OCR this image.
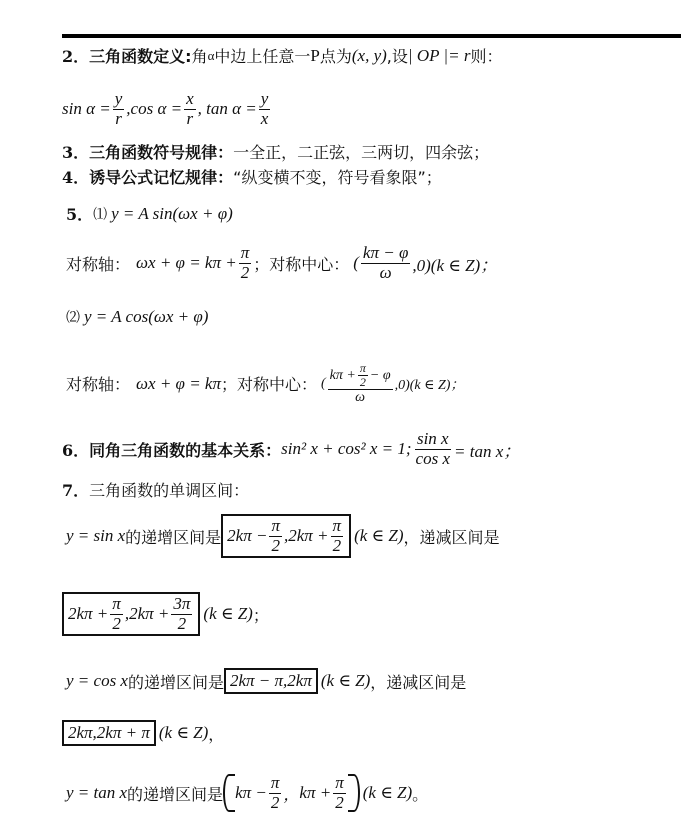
2． 三角函数定义: 角 α 中边上任意一 P 点为 (x, y) ,设 | OP |= r 则：
$\sin \alpha = \frac{y}{r} ,\cos$ $\alpha = \frac{x}{r}$ , $\tan \alpha = \frac{y}{x}$
3． 三角函数符号规律： 一全正，二正弦，三两切，四余弦；
4． 诱导公式记忆规律： “纵变横不变，符号看象限”；
5． ⑴ y = A sin(ωx + φ)
对称轴： $\omega x + \varphi = k\pi + \frac{\pi}{2}$ ；对称中心： ( $\frac{k\pi - \varphi}{\omega} ,0)(k$ ∈ Z)；
⑵ y = A cos(ωx + φ)
对称轴： ωx + φ = kπ ；对称中心： ( $\frac{k\pi + \frac{\pi}{2} - \varphi}{\omega} ,0)(k$ ∈ Z)；
6． 同角三角函数的基本关系： sin² x + cos² x = 1; $\frac{\text{sin x}}{\text{cos x}} = \tan x$；
7． 三角函数的单调区间：
y = sin x 的递增区间是 $2k\pi - \frac{\pi}{2}$ , $2k\pi + \frac{\pi}{2} (k$ ∈ Z) ，递减区间是
$2k\pi + \frac{\pi}{2}$ , $2k\pi + \frac{3\pi}{2} (k$ ∈ Z) ；
y = cos x 的递增区间是 2kπ − π,2kπ (k ∈ Z) ，递减区间是
2kπ,2kπ + π (k ∈ Z) ，
y = tan x 的递增区间是 $k\pi - \frac{\pi}{2}$ ， $k\pi + \frac{\pi}{2} (k$ ∈ Z) 。
